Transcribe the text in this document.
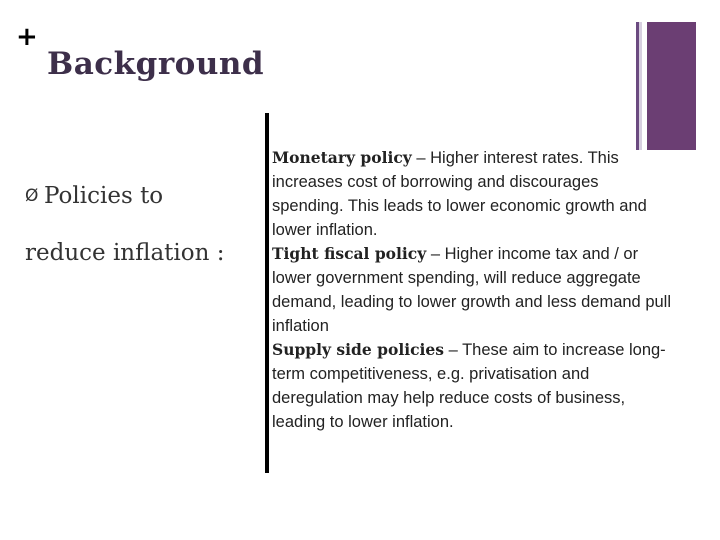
+
Background
Ø Policies to
reduce inflation :

Monetary policy – Higher interest rates. This increases cost of borrowing and discourages spending. This leads to lower economic growth and lower inflation.

Tight fiscal policy – Higher income tax and / or lower government spending, will reduce aggregate demand, leading to lower growth and less demand pull inflation

Supply side policies – These aim to increase long-term competitiveness, e.g. privatisation and deregulation may help reduce costs of business, leading to lower inflation.
